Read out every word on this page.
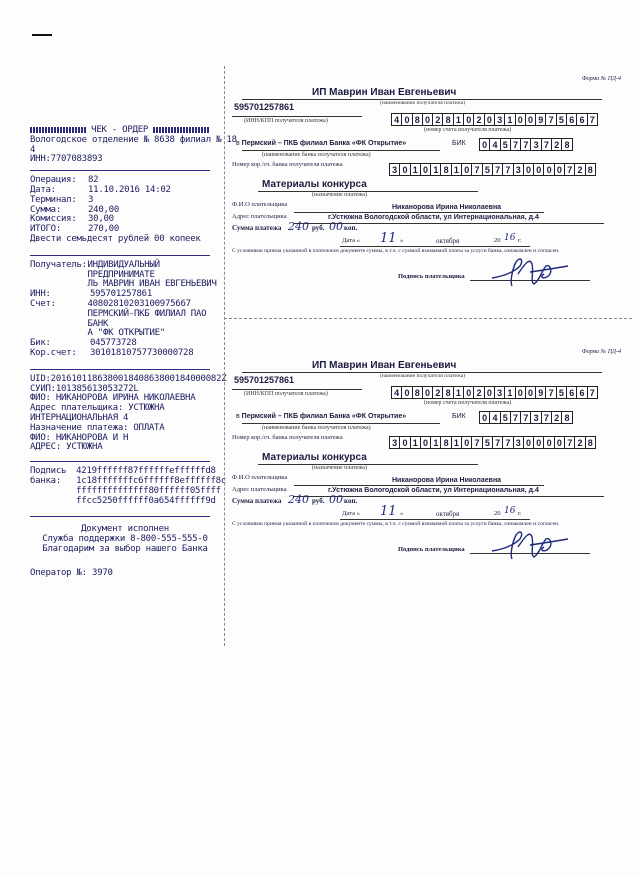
ЧЕК - ОРДЕР
Вологодское отделение № 8638 филиал № 18
4
ИНН:7707083893
Операция: 82
Дата:	11.10.2016 14:02
Терминал: 3
Сумма:	240,00
Комиссия: 30,00
ИТОГО:	270,00
Двести семьдесят рублей 00 копеек
Получатель: ИНДИВИДУАЛЬНЫЙ ПРЕДПРИНИМАТЕ
ЛЬ МАВРИН ИВАН ЕВГЕНЬЕВИЧ
ИНН:	595701257861
Счет:	40802810203100975667
ПЕРМСКИЙ-ПКБ ФИЛИАЛ ПАО БАНК
А "ФК ОТКРЫТИЕ"
Бик:	045773728
Кор.счет:	30101810757730000728
UID:201610118638001840863800184000082Z
СУИП:101385613053272L
ФИО: НИКАНОРОВА ИРИНА НИКОЛАЕВНА
Адрес плательщика: УСТЮЖНА
ИНТЕРНАЦИОНАЛЬНАЯ 4
Назначение платежа: ОПЛАТА
ФИО: НИКАНОРОВА И Н
АДРЕС: УСТЮЖНА
Подпись
банка:
4219ffffff87ffffffeffffffd8
1c18fffffffc6ffffff8effffff8c
ffffffffffffff80ffffff05ffff
ffcc5250ffffff0a654ffffff9d
Документ исполнен
Служба поддержки 8-800-555-555-0
Благодарим за выбор нашего Банка
Оператор №: 3970
Форма № ПД-4
ИП Маврин Иван Евгеньевич
(наименование получателя платежа)
595701257861
(ИНН/КПП получателя платежа)	4 0 8 0 2 8 1 0 2 0 3 1 0 0 9 7 5 6 6 7
(номер счета получателя платежа)
в Пермский – ПКБ филиал Банка «ФК Открытие»
(наименование банка получателя платежа)
БИК	0 4 5 7 7 3 7 2 8
Номер кор./сч. банка получателя платежа	3 0 1 0 1 8 1 0 7 5 7 7 3 0 0 0 0 7 2 8
Материалы конкурса
(назначение платежа)
Ф.И.О плательщика	Никанорова Ирина Николаевна
Адрес плательщика	г.Устюжна Вологодской области, ул Интернациональная, д.4
Сумма платежа 240 руб. 00 коп.
Дата « 11 »	октября	20 16 г.
С условиями приема указанной в платежном документе суммы, в т.ч. с суммой взимаемой платы за услуги банка, ознакомлен и согласен.
Подпись плательщика
Форма № ПД-4
ИП Маврин Иван Евгеньевич
(наименование получателя платежа)
595701257861
(ИНН/КПП получателя платежа)	4 0 8 0 2 8 1 0 2 0 3 1 0 0 9 7 5 6 6 7
(номер счета получателя платежа)
в Пермский – ПКБ филиал Банка «ФК Открытие»
(наименование банка получателя платежа)
БИК	0 4 5 7 7 3 7 2 8
Номер кор./сч. банка получателя платежа	3 0 1 0 1 8 1 0 7 5 7 7 3 0 0 0 0 7 2 8
Материалы конкурса
(назначение платежа)
Ф.И.О плательщика	Никанорова Ирина Николаевна
Адрес плательщика	г.Устюжна Вологодской области, ул Интернациональная, д.4
Сумма платежа 240 руб. 00 коп.
Дата « 11 »	октября	20 16 г.
С условиями приема указанной в платежном документе суммы, в т.ч. с суммой взимаемой платы за услуги банка, ознакомлен и согласен.
Подпись плательщика
